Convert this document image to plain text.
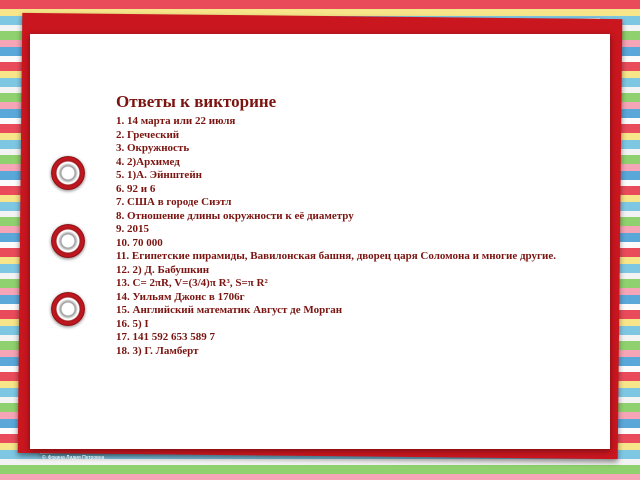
Ответы к викторине
1. 14 марта или 22 июля
2. Греческий
3. Окружность
4. 2)Архимед
5. 1)А. Эйнштейн
6. 92 и 6
7. США в городе Сиэтл
8. Отношение длины окружности к её диаметру
9. 2015
10. 70 000
11. Египетские пирамиды, Вавилонская башня, дворец царя Соломона и многие другие.
12. 2) Д. Бабушкин
13. С= 2πR, V=(3/4)π R³, S=π R²
14. Уильям Джонс в 1706г
15. Английский математик Август де Морган
16. 5) I
17. 141 592 653 589 7
18. 3) Г. Ламберт
© Фокина Лидия Петровна
